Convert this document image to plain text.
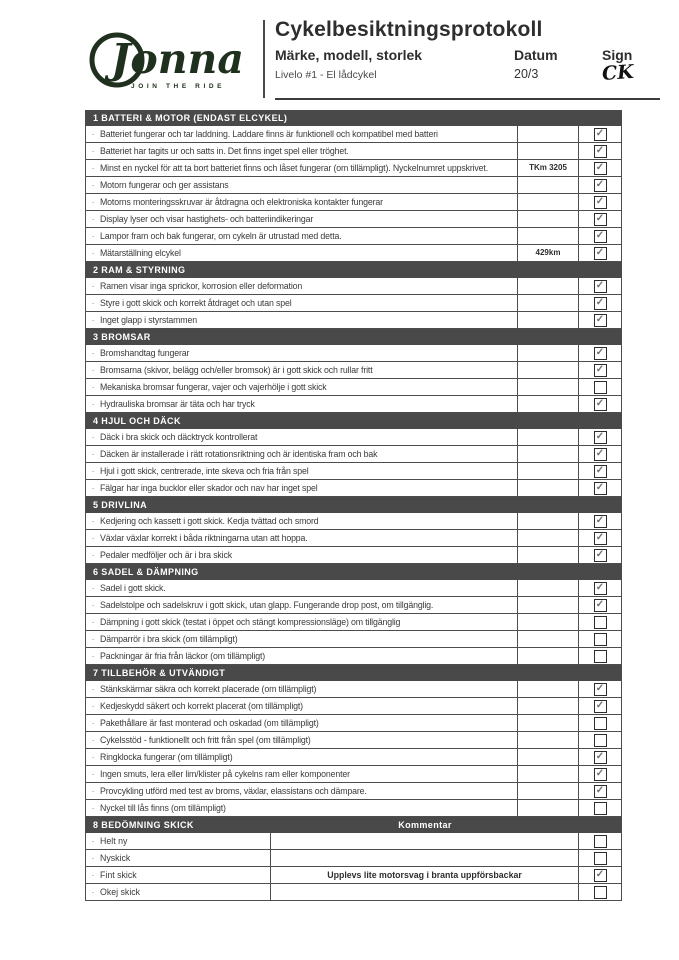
Jonna
JOIN THE RIDE
Cykelbesiktningsprotokoll
Märke, modell, storlek	Datum	Sign
Livelo #1 - El lådcykel	20/3	CK
1 BATTERI & MOTOR (ENDAST ELCYKEL)
· Batteriet fungerar och tar laddning. Laddare finns är funktionell och kompatibel med batteri	✓
· Batteriet har tagits ur och satts in. Det finns inget spel eller tröghet.	✓
· Minst en nyckel för att ta bort batteriet finns och låset fungerar (om tillämpligt). Nyckelnumret uppskrivet.	TKm 3205	✓
· Motorn fungerar och ger assistans	✓
· Motorns monteringsskruvar är åtdragna och elektroniska kontakter fungerar	✓
· Display lyser och visar hastighets- och batteriindikeringar	✓
· Lampor fram och bak fungerar, om cykeln är utrustad med detta.	✓
· Mätarställning elcykel	429km	✓
2 RAM & STYRNING
· Ramen visar inga sprickor, korrosion eller deformation	✓
· Styre i gott skick och korrekt åtdraget och utan spel	✓
· Inget glapp i styrstammen	✓
3 BROMSAR
· Bromshandtag fungerar	✓
· Bromsarna (skivor, belägg och/eller bromsok) är i gott skick och rullar fritt	✓
· Mekaniska bromsar fungerar, vajer och vajerhölje i gott skick
· Hydrauliska bromsar är täta och har tryck	✓
4 HJUL OCH DÄCK
· Däck i bra skick och däcktryck kontrollerat	✓
· Däcken är installerade i rätt rotationsriktning och är identiska fram och bak	✓
· Hjul i gott skick, centrerade, inte skeva och fria från spel	✓
· Fälgar har inga bucklor eller skador och nav har inget spel	✓
5 DRIVLINA
· Kedjering och kassett i gott skick. Kedja tvättad och smord	✓
· Växlar växlar korrekt i båda riktningarna utan att hoppa.	✓
· Pedaler medföljer och är i bra skick	✓
6 SADEL & DÄMPNING
· Sadel i gott skick.	✓
· Sadelstolpe och sadelskruv i gott skick, utan glapp. Fungerande drop post, om tillgänglig.	✓
· Dämpning i gott skick (testat i öppet och stängt kompressionsläge) om tillgänglig
· Dämparrör i bra skick (om tillämpligt)
· Packningar är fria från läckor (om tillämpligt)
7 TILLBEHÖR & UTVÄNDIGT
· Stänkskärmar säkra och korrekt placerade (om tillämpligt)	✓
· Kedjeskydd säkert och korrekt placerat (om tillämpligt)	✓
· Pakethållare är fast monterad och oskadad (om tillämpligt)
· Cykelsstöd - funktionellt och fritt från spel (om tillämpligt)
· Ringklocka fungerar (om tillämpligt)	✓
· Ingen smuts, lera eller lim/klister på cykelns ram eller komponenter	✓
· Provcykling utförd med test av broms, växlar, elassistans och dämpare.	✓
· Nyckel till lås finns (om tillämpligt)
8 BEDÖMNING SKICK	Kommentar
· Helt ny
· Nyskick
· Fint skick	Upplevs lite motorsvag i branta uppförsbackar	✓
· Okej skick
